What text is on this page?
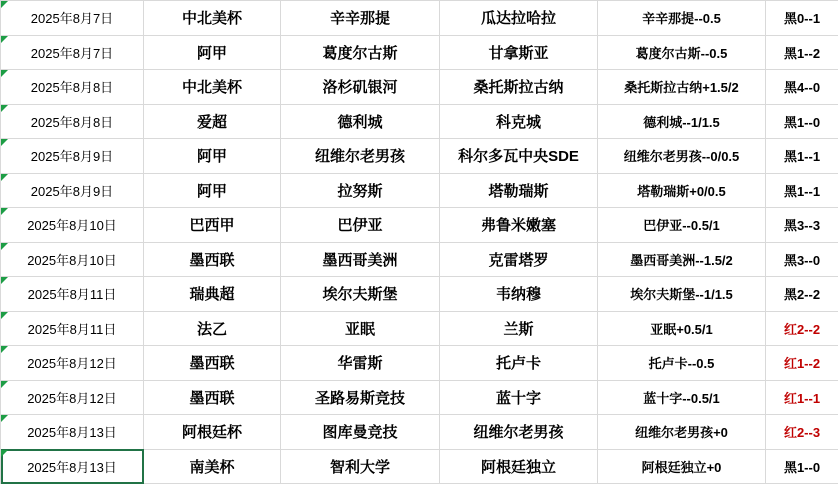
2025年8月7日	中北美杯	辛辛那提	瓜达拉哈拉	辛辛那提--0.5	黑0--1

2025年8月7日	阿甲	葛度尔古斯	甘拿斯亚	葛度尔古斯--0.5	黑1--2

2025年8月8日	中北美杯	洛杉矶银河	桑托斯拉古纳	桑托斯拉古纳+1.5/2	黑4--0

2025年8月8日	爱超	德利城	科克城	德利城--1/1.5	黑1--0

2025年8月9日	阿甲	纽维尔老男孩	科尔多瓦中央SDE	纽维尔老男孩--0/0.5	黑1--1

2025年8月9日	阿甲	拉努斯	塔勒瑞斯	塔勒瑞斯+0/0.5	黑1--1

2025年8月10日	巴西甲	巴伊亚	弗鲁米嫩塞	巴伊亚--0.5/1	黑3--3

2025年8月10日	墨西联	墨西哥美洲	克雷塔罗	墨西哥美洲--1.5/2	黑3--0

2025年8月11日	瑞典超	埃尔夫斯堡	韦纳穆	埃尔夫斯堡--1/1.5	黑2--2

2025年8月11日	法乙	亚眠	兰斯	亚眠+0.5/1	红2--2

2025年8月12日	墨西联	华雷斯	托卢卡	托卢卡--0.5	红1--2

2025年8月12日	墨西联	圣路易斯竞技	蓝十字	蓝十字--0.5/1	红1--1

2025年8月13日	阿根廷杯	图库曼竞技	纽维尔老男孩	纽维尔老男孩+0	红2--3

2025年8月13日	南美杯	智利大学	阿根廷独立	阿根廷独立+0	黑1--0
